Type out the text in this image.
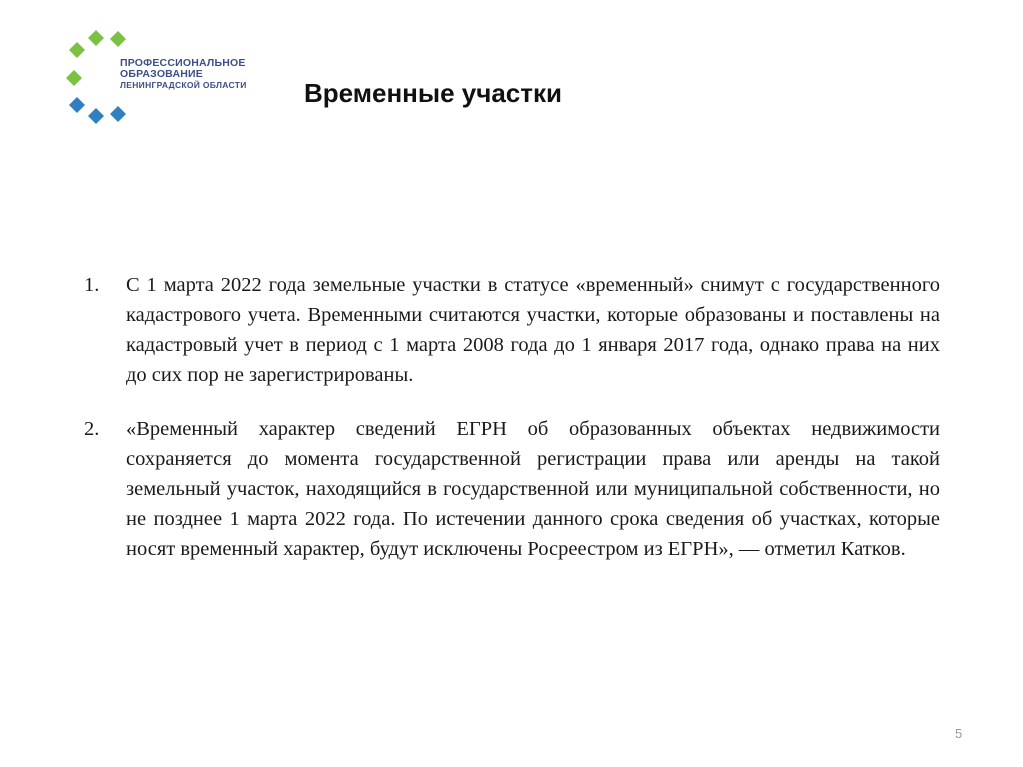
ПРОФЕССИОНАЛЬНОЕ
ОБРАЗОВАНИЕ
ЛЕНИНГРАДСКОЙ ОБЛАСТИ Временные участки
1.	С 1 марта 2022 года земельные участки в статусе «временный» снимут с государственного кадастрового учета. Временными считаются участки, которые образованы и поставлены на кадастровый учет в период с 1 марта 2008 года до 1 января 2017 года, однако права на них до сих пор не зарегистрированы.
2.	«Временный характер сведений ЕГРН об образованных объектах недвижимости сохраняется до момента государственной регистрации права или аренды на такой земельный участок, находящийся в государственной или муниципальной собственности, но не позднее 1 марта 2022 года. По истечении данного срока сведения об участках, которые носят временный характер, будут исключены Росреестром из ЕГРН», — отметил Катков.
5
